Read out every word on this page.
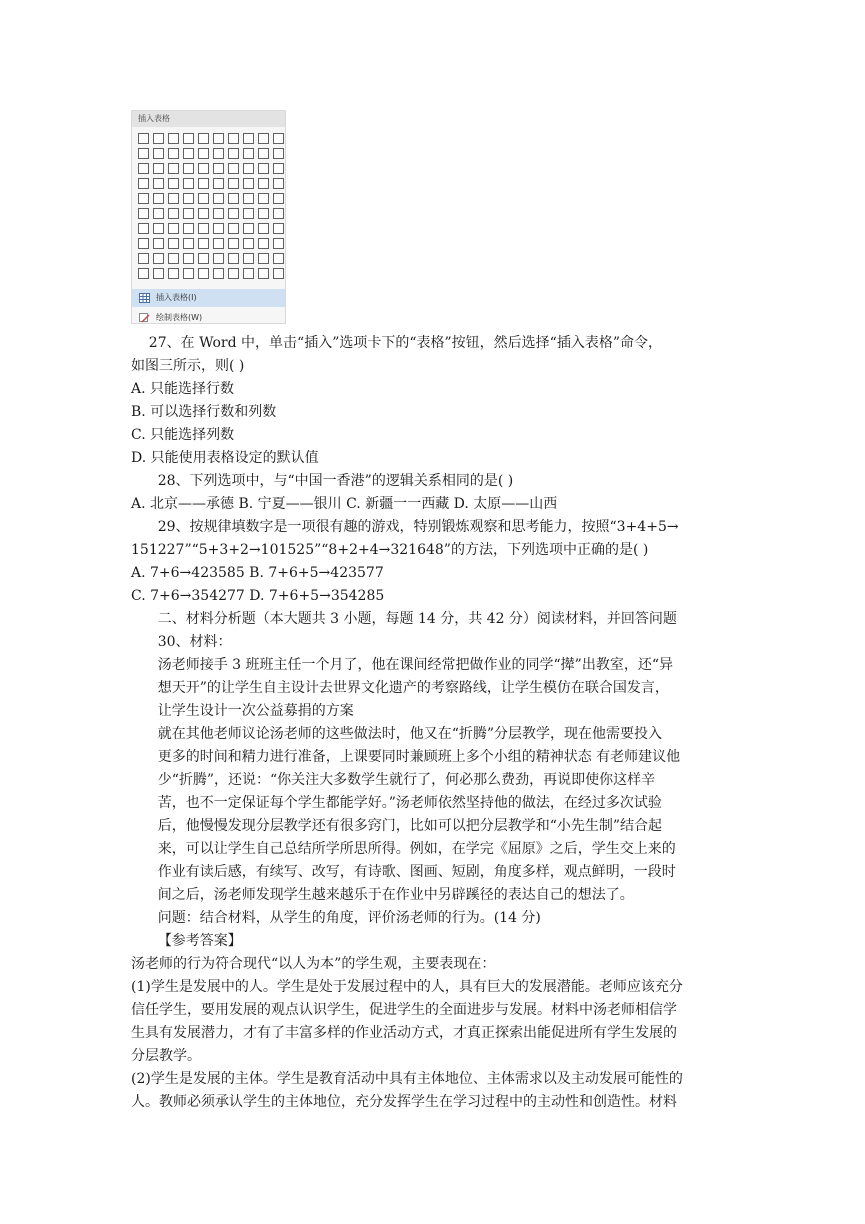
插入表格
插入表格(I)
绘制表格(W)
27、在 Word 中，单击“插入”选项卡下的“表格”按钮，然后选择“插入表格”命令，
如图三所示，则( )
A. 只能选择行数
B. 可以选择行数和列数
C. 只能选择列数
D. 只能使用表格设定的默认值
28、下列选项中，与“中国一香港”的逻辑关系相同的是( )
A. 北京——承德 B. 宁夏——银川 C. 新疆一一西藏 D. 太原——山西
29、按规律填数字是一项很有趣的游戏，特别锻炼观察和思考能力，按照“3+4+5→
151227”“5+3+2→101525”“8+2+4→321648”的方法，下列选项中正确的是( )
A. 7+6→423585 B. 7+6+5→423577
C. 7+6→354277 D. 7+6+5→354285
二、材料分析题（本大题共 3 小题，每题 14 分，共 42 分）阅读材料，并回答问题
30、材料：
汤老师接手 3 班班主任一个月了，他在课间经常把做作业的同学“撵”出教室，还“异
想天开”的让学生自主设计去世界文化遗产的考察路线，让学生模仿在联合国发言，
让学生设计一次公益募捐的方案
就在其他老师议论汤老师的这些做法时，他又在“折腾”分层教学，现在他需要投入
更多的时间和精力进行准备，上课要同时兼顾班上多个小组的精神状态 有老师建议他
少“折腾”，还说：“你关注大多数学生就行了，何必那么费劲，再说即使你这样辛
苦，也不一定保证每个学生都能学好。”汤老师依然坚持他的做法，在经过多次试验
后，他慢慢发现分层教学还有很多窍门，比如可以把分层教学和“小先生制”结合起
来，可以让学生自己总结所学所思所得。例如，在学完《屈原》之后，学生交上来的
作业有读后感，有续写、改写，有诗歌、图画、短剧，角度多样，观点鲜明，一段时
间之后，汤老师发现学生越来越乐于在作业中另辟蹊径的表达自己的想法了。
问题：结合材料，从学生的角度，评价汤老师的行为。(14 分)
【参考答案】
汤老师的行为符合现代“以人为本”的学生观，主要表现在：
(1)学生是发展中的人。学生是处于发展过程中的人，具有巨大的发展潜能。老师应该充分
信任学生，要用发展的观点认识学生，促进学生的全面进步与发展。材料中汤老师相信学
生具有发展潜力，才有了丰富多样的作业活动方式，才真正探索出能促进所有学生发展的
分层教学。
(2)学生是发展的主体。学生是教育活动中具有主体地位、主体需求以及主动发展可能性的
人。教师必须承认学生的主体地位，充分发挥学生在学习过程中的主动性和创造性。材料
